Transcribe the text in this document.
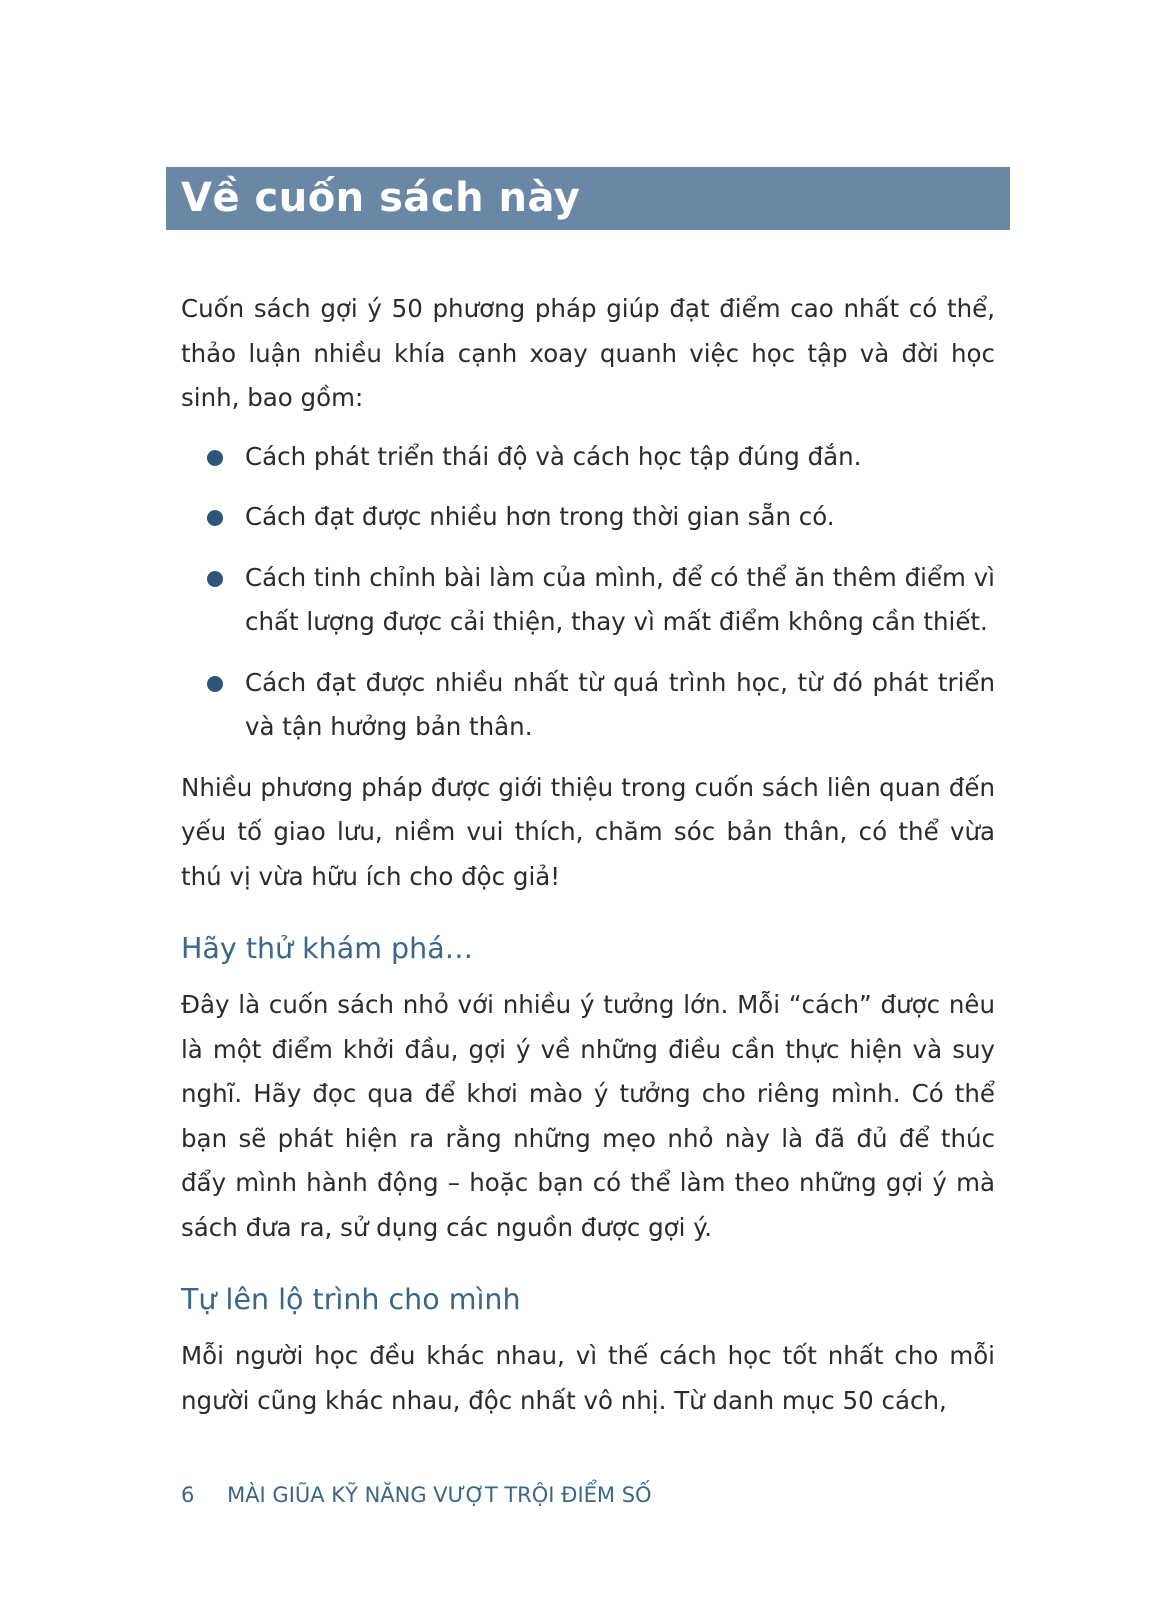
Về cuốn sách này

Cuốn sách gợi ý 50 phương pháp giúp đạt điểm cao nhất có thể, thảo luận nhiều khía cạnh xoay quanh việc học tập và đời học sinh, bao gồm:

Cách phát triển thái độ và cách học tập đúng đắn.
Cách đạt được nhiều hơn trong thời gian sẵn có.
Cách tinh chỉnh bài làm của mình, để có thể ăn thêm điểm vì chất lượng được cải thiện, thay vì mất điểm không cần thiết.
Cách đạt được nhiều nhất từ quá trình học, từ đó phát triển và tận hưởng bản thân.

Nhiều phương pháp được giới thiệu trong cuốn sách liên quan đến yếu tố giao lưu, niềm vui thích, chăm sóc bản thân, có thể vừa thú vị vừa hữu ích cho độc giả!

Hãy thử khám phá…

Đây là cuốn sách nhỏ với nhiều ý tưởng lớn. Mỗi “cách” được nêu là một điểm khởi đầu, gợi ý về những điều cần thực hiện và suy nghĩ. Hãy đọc qua để khơi mào ý tưởng cho riêng mình. Có thể bạn sẽ phát hiện ra rằng những mẹo nhỏ này là đã đủ để thúc đẩy mình hành động – hoặc bạn có thể làm theo những gợi ý mà sách đưa ra, sử dụng các nguồn được gợi ý.

Tự lên lộ trình cho mình

Mỗi người học đều khác nhau, vì thế cách học tốt nhất cho mỗi người cũng khác nhau, độc nhất vô nhị. Từ danh mục 50 cách,

6 MÀI GIŨA KỸ NĂNG VƯỢT TRỘI ĐIỂM SỐ
